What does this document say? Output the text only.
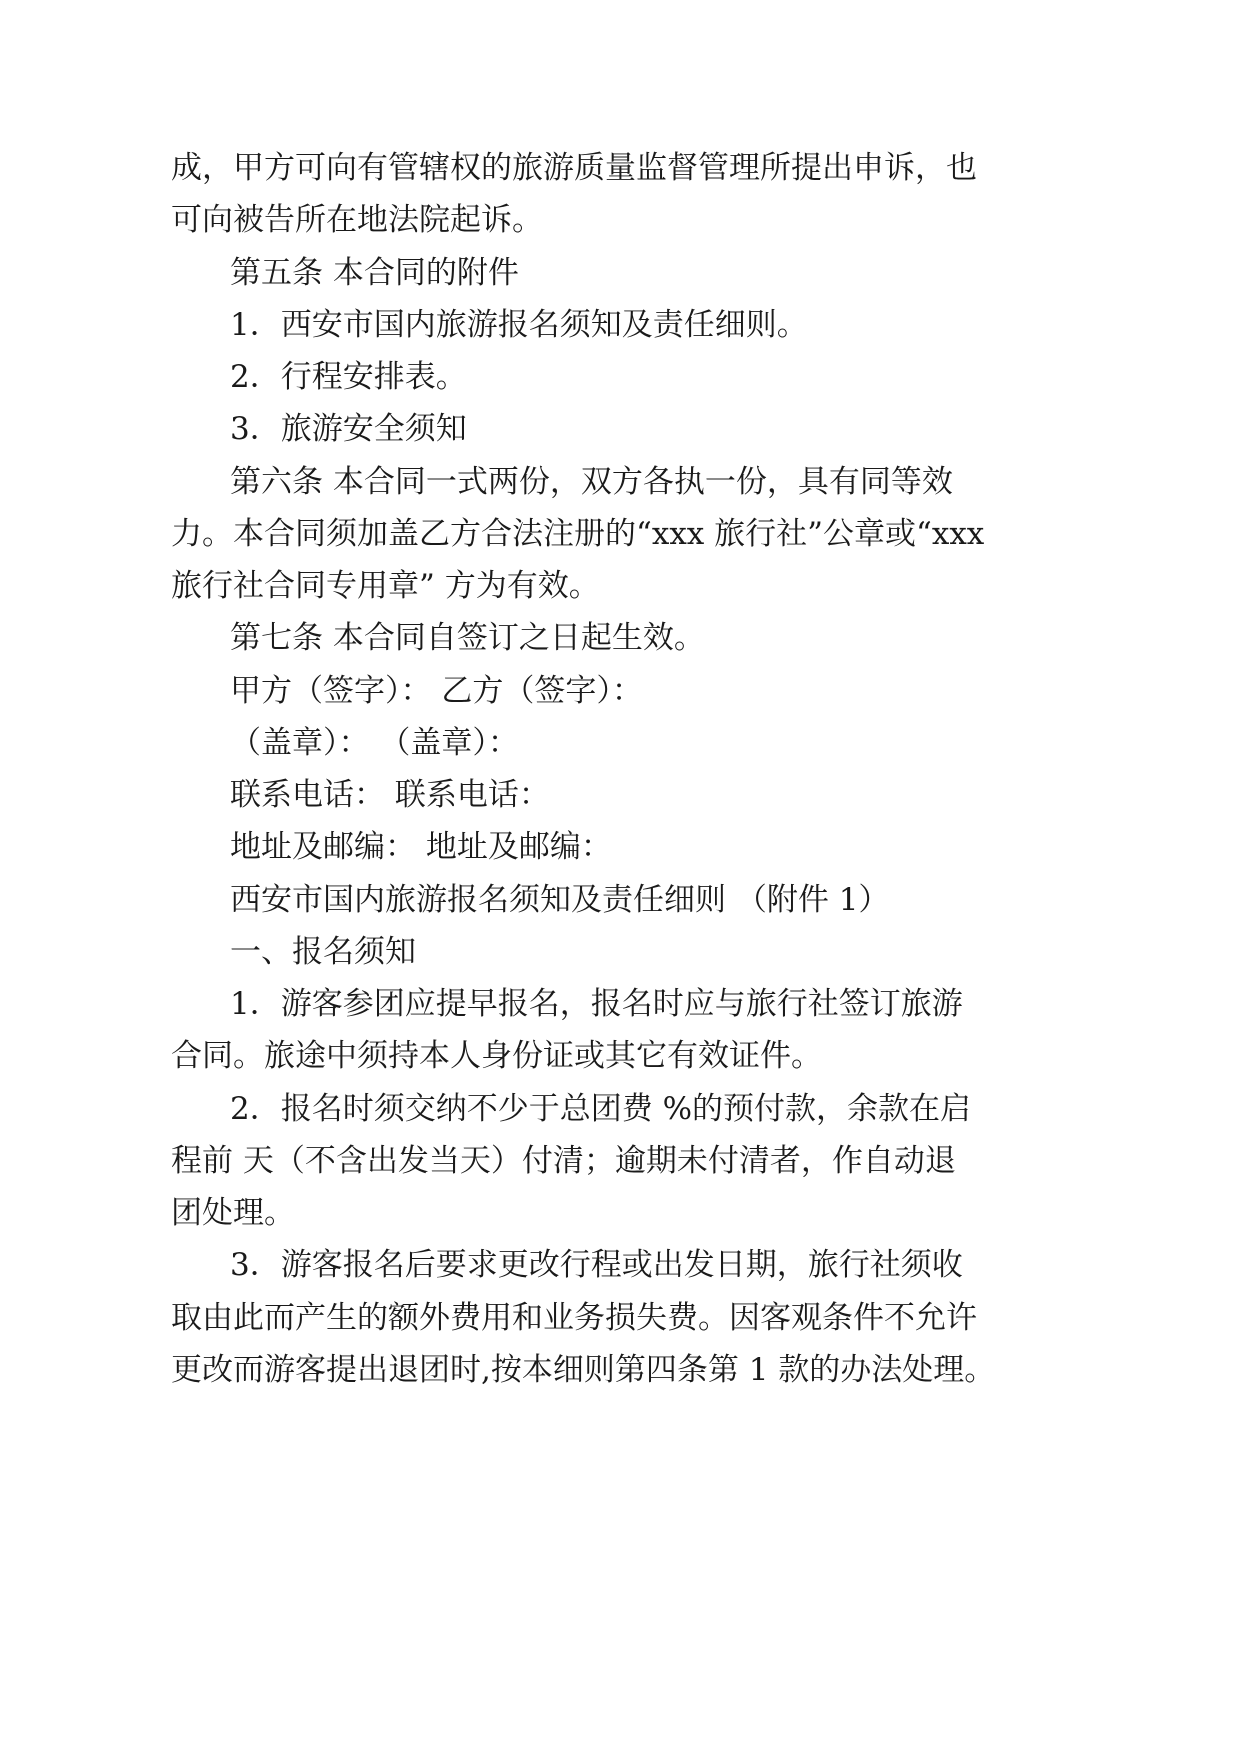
成，甲方可向有管辖权的旅游质量监督管理所提出申诉，也

可向被告所在地法院起诉。

第五条 本合同的附件

1．西安市国内旅游报名须知及责任细则。

2．行程安排表。

3．旅游安全须知

第六条 本合同一式两份，双方各执一份，具有同等效

力。本合同须加盖乙方合法注册的“xxx 旅行社”公章或“xxx

旅行社合同专用章” 方为有效。

第七条 本合同自签订之日起生效。

甲方（签字）： 乙方（签字）：

（盖章）： （盖章）：

联系电话： 联系电话：

地址及邮编： 地址及邮编：

西安市国内旅游报名须知及责任细则 （附件 1）

一、报名须知

1．游客参团应提早报名，报名时应与旅行社签订旅游

合同。旅途中须持本人身份证或其它有效证件。

2．报名时须交纳不少于总团费 %的预付款，余款在启

程前 天（不含出发当天）付清；逾期未付清者，作自动退

团处理。

3．游客报名后要求更改行程或出发日期，旅行社须收

取由此而产生的额外费用和业务损失费。因客观条件不允许

更改而游客提出退团时,按本细则第四条第 1 款的办法处理。
